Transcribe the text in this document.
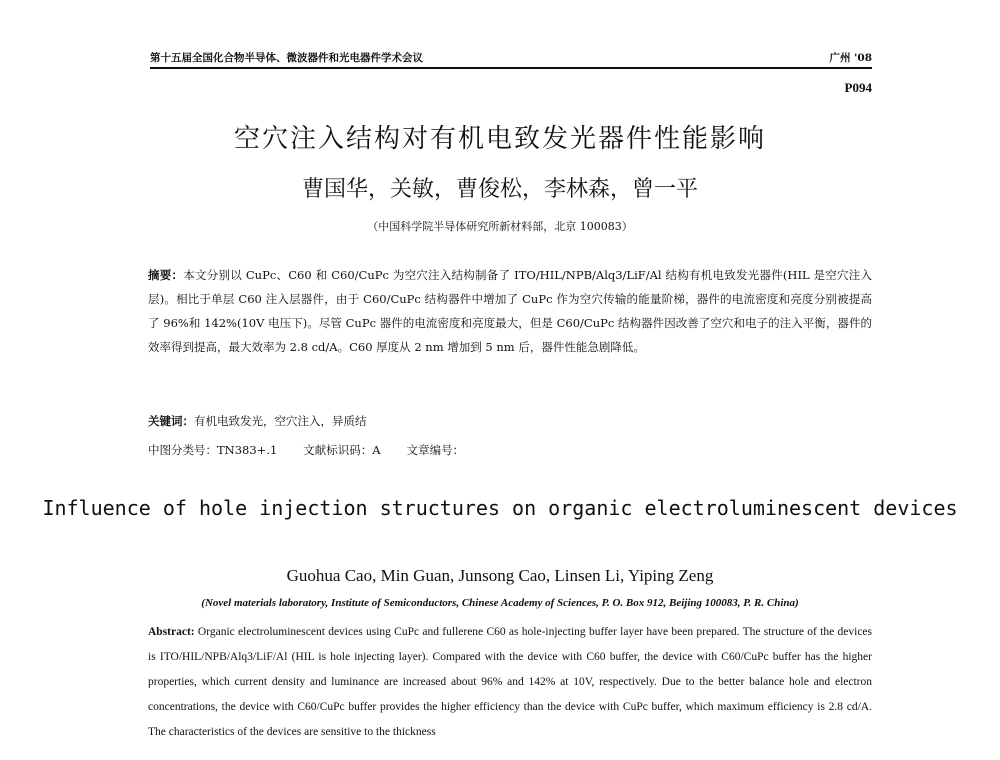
第十五届全国化合物半导体、微波器件和光电器件学术会议	广州 '08
P094
空穴注入结构对有机电致发光器件性能影响
曹国华，关敏，曹俊松，李林森，曾一平
（中国科学院半导体研究所新材料部，北京 100083）
摘要：本文分别以 CuPc、C60 和 C60/CuPc 为空穴注入结构制备了 ITO/HIL/NPB/Alq3/LiF/Al 结构有机电致发光器件(HIL 是空穴注入层)。相比于单层 C60 注入层器件，由于 C60/CuPc 结构器件中增加了 CuPc 作为空穴传输的能量阶梯，器件的电流密度和亮度分别被提高了 96%和 142%(10V 电压下)。尽管 CuPc 器件的电流密度和亮度最大，但是 C60/CuPc 结构器件因改善了空穴和电子的注入平衡，器件的效率得到提高，最大效率为 2.8 cd/A。C60 厚度从 2 nm 增加到 5 nm 后，器件性能急剧降低。
关键词：有机电致发光，空穴注入，异质结
中图分类号：TN383+.1 文献标识码：A 文章编号：
Influence of hole injection structures on organic electroluminescent devices
Guohua Cao, Min Guan, Junsong Cao, Linsen Li, Yiping Zeng
(Novel materials laboratory, Institute of Semiconductors, Chinese Academy of Sciences, P. O. Box 912, Beijing 100083, P. R. China)
Abstract: Organic electroluminescent devices using CuPc and fullerene C60 as hole-injecting buffer layer have been prepared. The structure of the devices is ITO/HIL/NPB/Alq3/LiF/Al (HIL is hole injecting layer). Compared with the device with C60 buffer, the device with C60/CuPc buffer has the higher properties, which current density and luminance are increased about 96% and 142% at 10V, respectively. Due to the better balance hole and electron concentrations, the device with C60/CuPc buffer provides the higher efficiency than the device with CuPc buffer, which maximum efficiency is 2.8 cd/A. The characteristics of the devices are sensitive to the thickness
